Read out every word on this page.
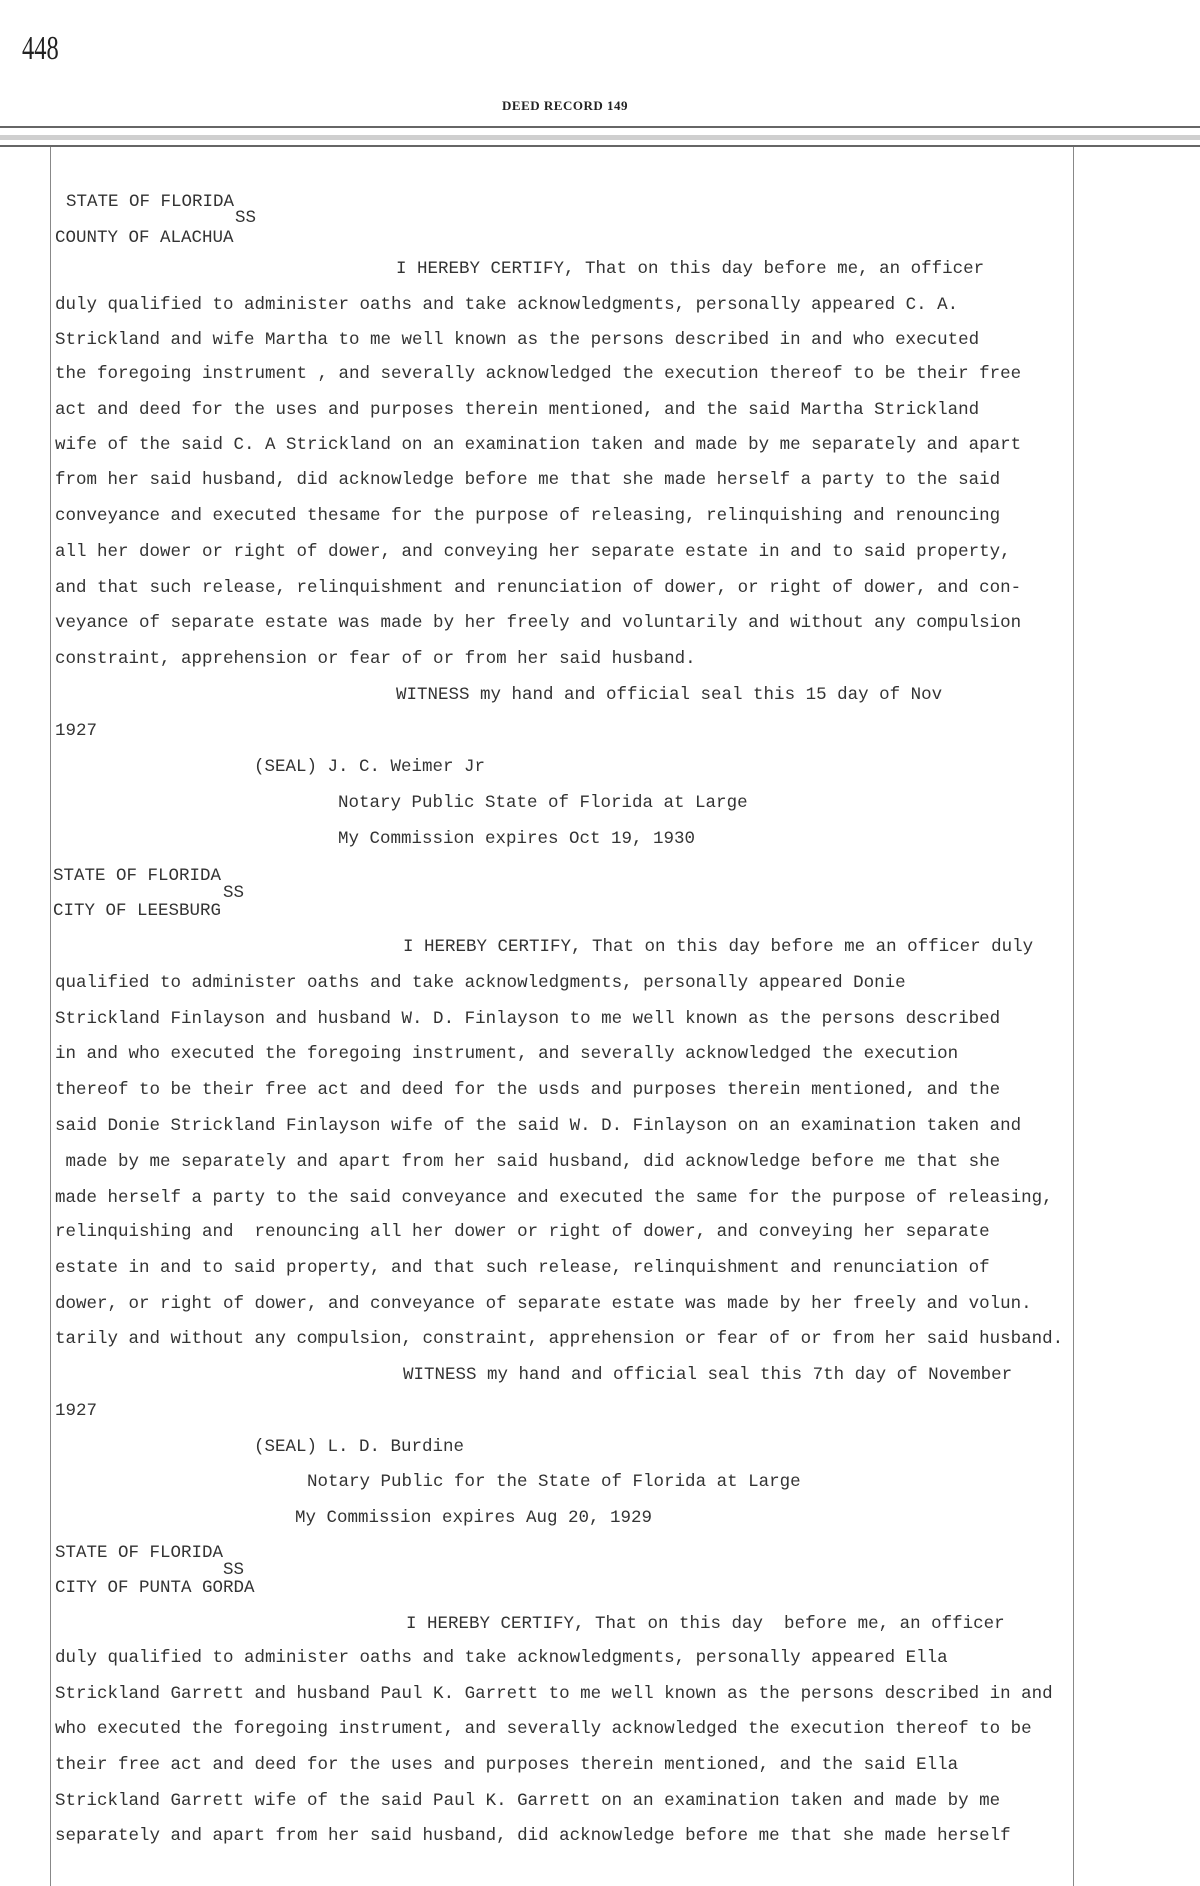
448
DEED RECORD 149
STATE OF FLORIDA
SS
COUNTY OF ALACHUA
I HEREBY CERTIFY, That on this day before me, an officer
duly qualified to administer oaths and take acknowledgments, personally appeared C. A.
Strickland and wife Martha to me well known as the persons described in and who executed
the foregoing instrument , and severally acknowledged the execution thereof to be their free
act and deed for the uses and purposes therein mentioned, and the said Martha Strickland
wife of the said C. A Strickland on an examination taken and made by me separately and apart
from her said husband, did acknowledge before me that she made herself a party to the said
conveyance and executed thesame for the purpose of releasing, relinquishing and renouncing
all her dower or right of dower, and conveying her separate estate in and to said property,
and that such release, relinquishment and renunciation of dower, or right of dower, and con-
veyance of separate estate was made by her freely and voluntarily and without any compulsion
constraint, apprehension or fear of or from her said husband.
WITNESS my hand and official seal this 15 day of Nov
1927
(SEAL) J. C. Weimer Jr
Notary Public State of Florida at Large
My Commission expires Oct 19, 1930
STATE OF FLORIDA
SS
CITY OF LEESBURG
I HEREBY CERTIFY, That on this day before me an officer duly
qualified to administer oaths and take acknowledgments, personally appeared Donie
Strickland Finlayson and husband W. D. Finlayson to me well known as the persons described
in and who executed the foregoing instrument, and severally acknowledged the execution
thereof to be their free act and deed for the usds and purposes therein mentioned, and the
said Donie Strickland Finlayson wife of the said W. D. Finlayson on an examination taken and
made by me separately and apart from her said husband, did acknowledge before me that she
made herself a party to the said conveyance and executed the same for the purpose of releasing,
relinquishing and  renouncing all her dower or right of dower, and conveying her separate
estate in and to said property, and that such release, relinquishment and renunciation of
dower, or right of dower, and conveyance of separate estate was made by her freely and volun.
tarily and without any compulsion, constraint, apprehension or fear of or from her said husband.
WITNESS my hand and official seal this 7th day of November
1927
(SEAL) L. D. Burdine
Notary Public for the State of Florida at Large
My Commission expires Aug 20, 1929
STATE OF FLORIDA
SS
CITY OF PUNTA GORDA
I HEREBY CERTIFY, That on this day  before me, an officer
duly qualified to administer oaths and take acknowledgments, personally appeared Ella
Strickland Garrett and husband Paul K. Garrett to me well known as the persons described in and
who executed the foregoing instrument, and severally acknowledged the execution thereof to be
their free act and deed for the uses and purposes therein mentioned, and the said Ella
Strickland Garrett wife of the said Paul K. Garrett on an examination taken and made by me
separately and apart from her said husband, did acknowledge before me that she made herself
